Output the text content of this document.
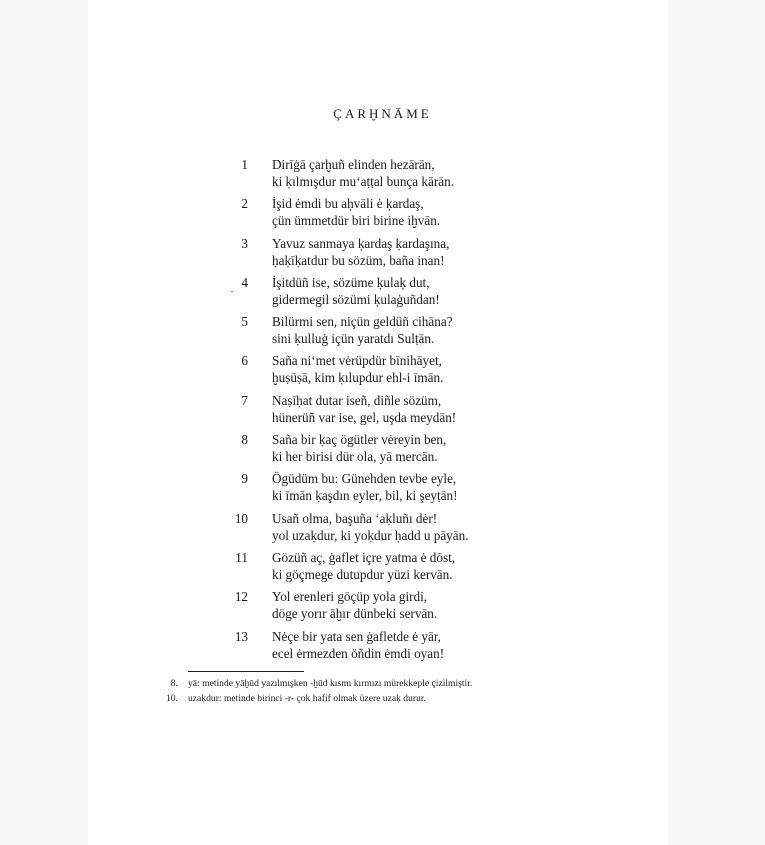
ÇARḪNĀME
1 Dirīġā çarḫuñ elinden hezārān,
ki ḳılmışdur mu‘aṭṭal bunça kārān.
2 İşid ėmdi bu aḥvāli ė ḳardaş,
çün ümmetdür biri birine iḫvān.
3 Yavuz sanmaya ḳardaş ḳardaşına,
ḥaḳīḳatdur bu sözüm, baña inan!
4 İşitdüñ ise, sözüme ḳulaḳ dut,
gidermegil sözümi ḳulaġuñdan!
5 Bilürmi sen, niçün geldüñ cihāna?
sini ḳulluġ içün yaratdı Sulṭān.
6 Saña ni‘met vėrüpdür bīnihāyet,
ḫuṣūṣā, kim ḳılupdur ehl-i īmān.
7 Naṣīḥat dutar iseñ, diñle sözüm,
hünerüñ var ise, gel, uşda meydān!
8 Saña bir ḳaç ögütler vėreyin ben,
ki her birisi dür ola, yā mercān.
9 Ögüdüm bu: Günehden tevbe eyle,
ki īmān ḳaşdın eyler, bil, ki şeyṭān!
10 Usañ olma, başuña ‘aḳluñı dėr!
yol uzaḳdur, ki yoḳdur ḥadd u pāyān.
11 Gözüñ aç, ġaflet içre yatma ė dōst,
ki göçmege dutupdur yüzi kervān.
12 Yol erenleri göçüp yola girdi,
döge yorır āḫır dünbeki servān.
13 Nėçe bir yata sen ġafletde ė yār,
ecel ėrmezden öñdin ėmdi oyan!
8. yā: metinde yāḫūd yazılmışken -ḫūd kısmı kırmızı mürekkeple çizilmiştir.
10. uzaḳdur: metinde birinci -r- çok hafif olmak üzere uzaḳ durur.
